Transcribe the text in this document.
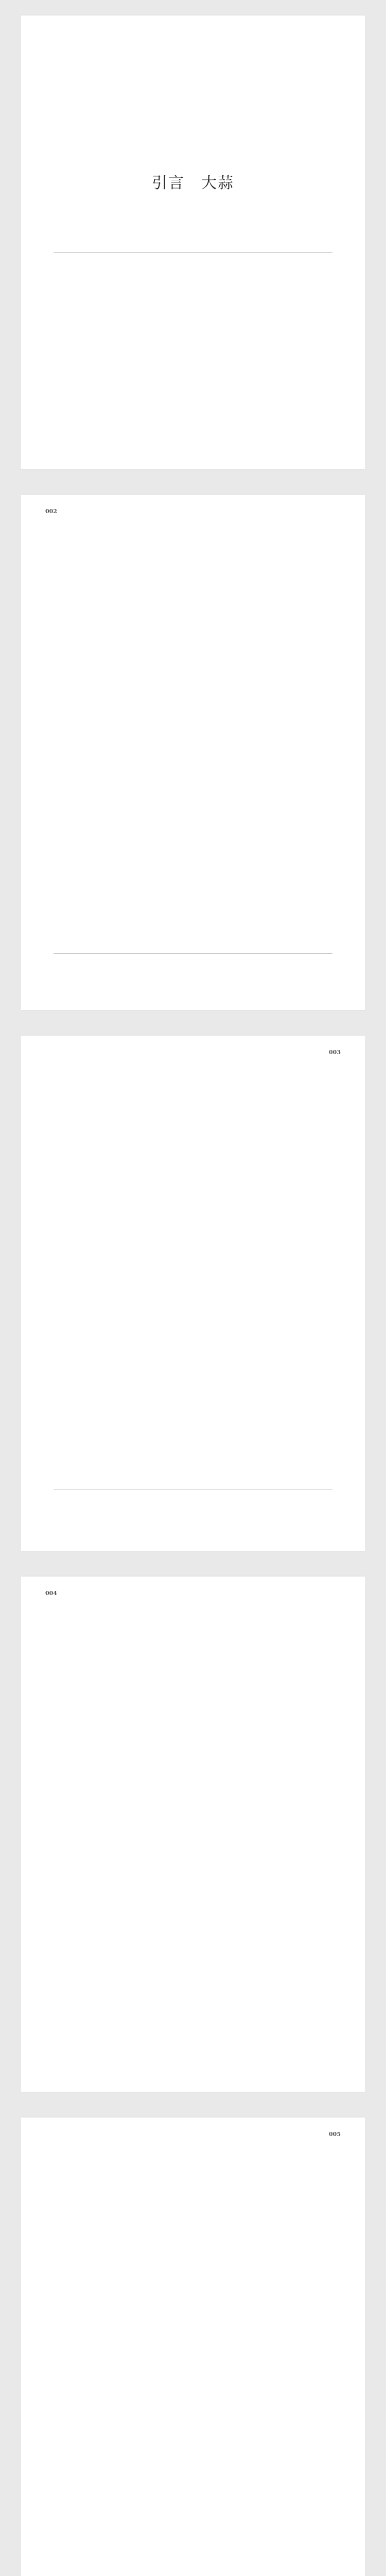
引言　大蒜

002

003

004

005
